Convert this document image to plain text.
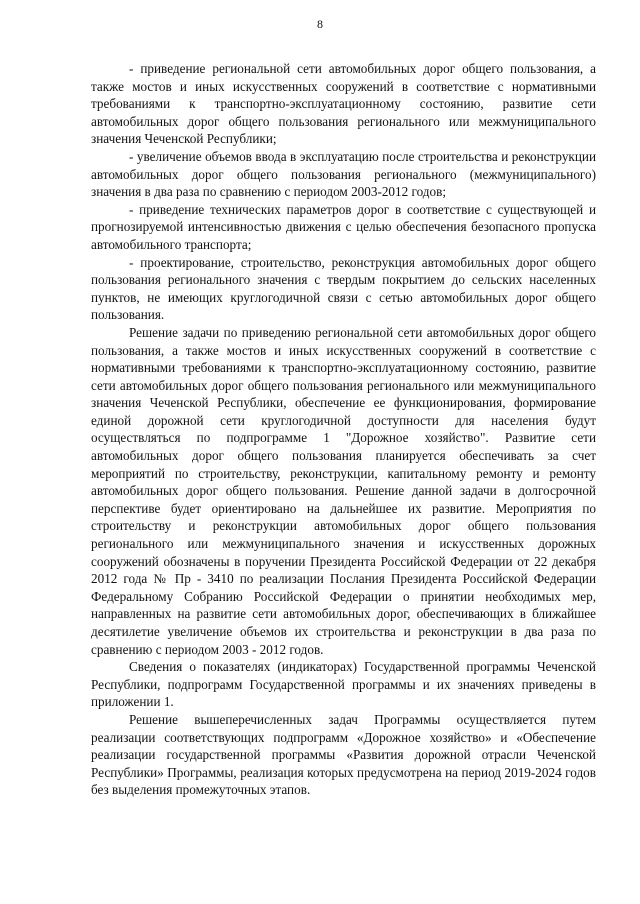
8

- приведение региональной сети автомобильных дорог общего пользования, а также мостов и иных искусственных сооружений в соответствие с нормативными требованиями к транспортно-эксплуатационному состоянию, развитие сети автомобильных дорог общего пользования регионального или межмуниципального значения Чеченской Республики;

- увеличение объемов ввода в эксплуатацию после строительства и реконструкции автомобильных дорог общего пользования регионального (межмуниципального) значения в два раза по сравнению с периодом 2003-2012 годов;

- приведение технических параметров дорог в соответствие с существующей и прогнозируемой интенсивностью движения с целью обеспечения безопасного пропуска автомобильного транспорта;

- проектирование, строительство, реконструкция автомобильных дорог общего пользования регионального значения с твердым покрытием до сельских населенных пунктов, не имеющих круглогодичной связи с сетью автомобильных дорог общего пользования.

Решение задачи по приведению региональной сети автомобильных дорог общего пользования, а также мостов и иных искусственных сооружений в соответствие с нормативными требованиями к транспортно-эксплуатационному состоянию, развитие сети автомобильных дорог общего пользования регионального или межмуниципального значения Чеченской Республики, обеспечение ее функционирования, формирование единой дорожной сети круглогодичной доступности для населения будут осуществляться по подпрограмме 1 "Дорожное хозяйство". Развитие сети автомобильных дорог общего пользования планируется обеспечивать за счет мероприятий по строительству, реконструкции, капитальному ремонту и ремонту автомобильных дорог общего пользования. Решение данной задачи в долгосрочной перспективе будет ориентировано на дальнейшее их развитие. Мероприятия по строительству и реконструкции автомобильных дорог общего пользования регионального или межмуниципального значения и искусственных дорожных сооружений обозначены в поручении Президента Российской Федерации от 22 декабря 2012 года № Пр - 3410 по реализации Послания Президента Российской Федерации Федеральному Собранию Российской Федерации о принятии необходимых мер, направленных на развитие сети автомобильных дорог, обеспечивающих в ближайшее десятилетие увеличение объемов их строительства и реконструкции в два раза по сравнению с периодом 2003 - 2012 годов.

Сведения о показателях (индикаторах) Государственной программы Чеченской Республики, подпрограмм Государственной программы и их значениях приведены в приложении 1.

Решение вышеперечисленных задач Программы осуществляется путем реализации соответствующих подпрограмм «Дорожное хозяйство» и «Обеспечение реализации государственной программы «Развития дорожной отрасли Чеченской Республики» Программы, реализация которых предусмотрена на период 2019-2024 годов без выделения промежуточных этапов.
